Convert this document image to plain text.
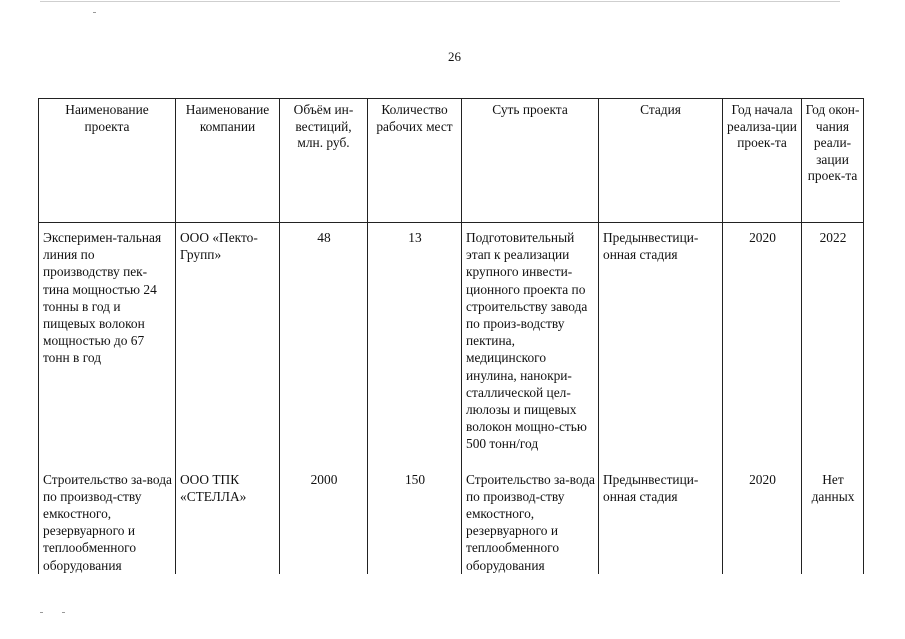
26
Наименование проекта	Наименование компании	Объём ин-вестиций, млн. руб.	Количество рабочих мест	Суть проекта	Стадия	Год начала реализа-ции проек-та	Год окон-чания реали-зации проек-та
Эксперимен-тальная линия по производству пек-тина мощностью 24 тонны в год и пищевых волокон мощностью до 67 тонн в год	ООО «Пекто-Групп»	48	13	Подготовительный этап к реализации крупного инвести-ционного проекта по строительству завода по произ-водству пектина, медицинского инулина, нанокри-сталлической цел-люлозы и пищевых волокон мощно-стью 500 тонн/год	Предынвестици-онная стадия	2020	2022
Строительство за-вода по производ-ству емкостного, резервуарного и теплообменного оборудования	ООО ТПК «СТЕЛЛА»	2000	150	Строительство за-вода по производ-ству емкостного, резервуарного и теплообменного оборудования	Предынвестици-онная стадия	2020	Нет данных
